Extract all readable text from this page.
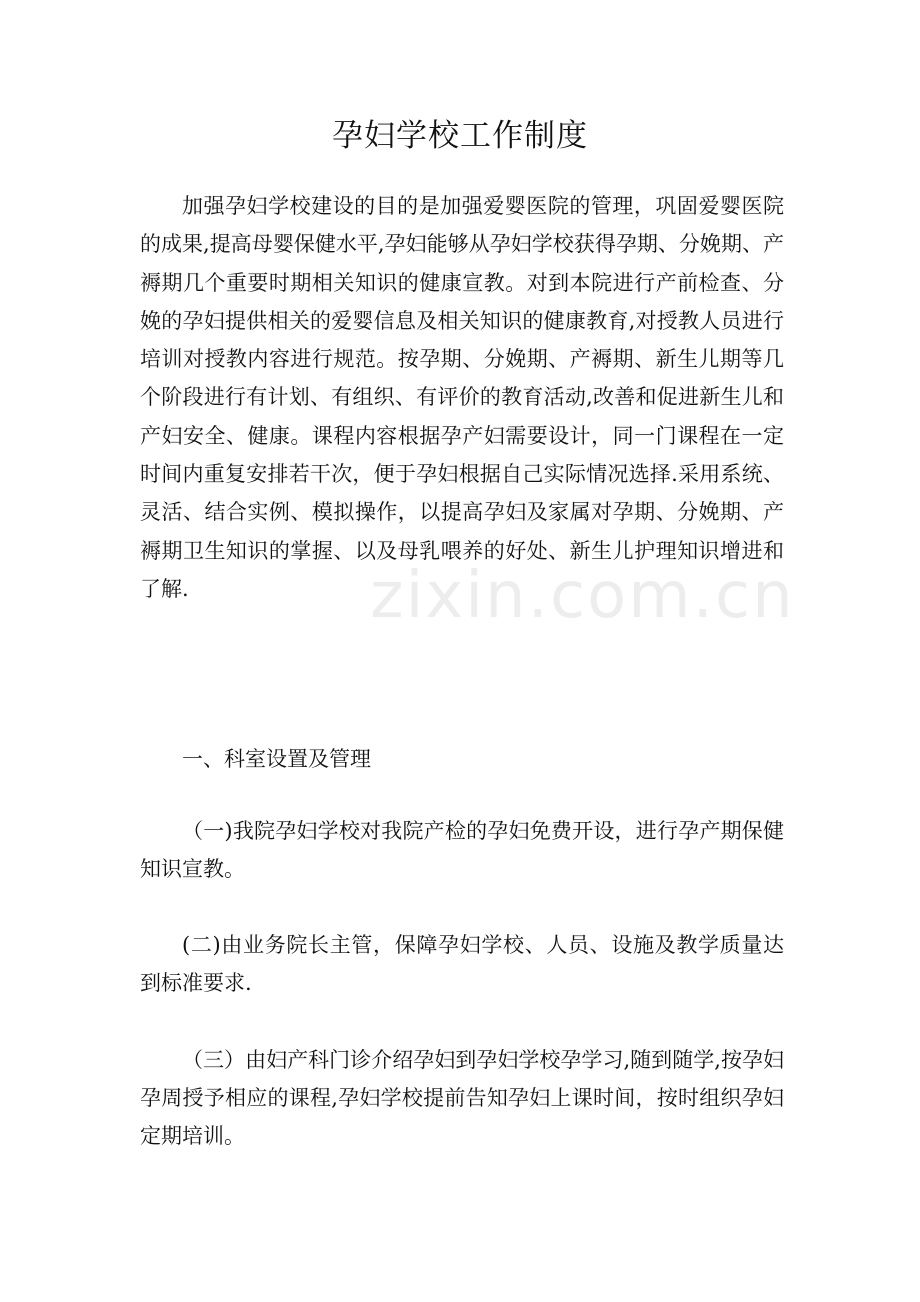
孕妇学校工作制度

加强孕妇学校建设的目的是加强爱婴医院的管理，巩固爱婴医院的成果,提高母婴保健水平,孕妇能够从孕妇学校获得孕期、分娩期、产褥期几个重要时期相关知识的健康宣教。对到本院进行产前检查、分娩的孕妇提供相关的爱婴信息及相关知识的健康教育,对授教人员进行培训对授教内容进行规范。按孕期、分娩期、产褥期、新生儿期等几个阶段进行有计划、有组织、有评价的教育活动,改善和促进新生儿和产妇安全、健康。课程内容根据孕产妇需要设计，同一门课程在一定时间内重复安排若干次，便于孕妇根据自己实际情况选择.采用系统、灵活、结合实例、模拟操作，以提高孕妇及家属对孕期、分娩期、产褥期卫生知识的掌握、以及母乳喂养的好处、新生儿护理知识增进和了解.

一、科室设置及管理

（一)我院孕妇学校对我院产检的孕妇免费开设，进行孕产期保健知识宣教。

(二)由业务院长主管，保障孕妇学校、人员、设施及教学质量达到标准要求.

（三）由妇产科门诊介绍孕妇到孕妇学校孕学习,随到随学,按孕妇孕周授予相应的课程,孕妇学校提前告知孕妇上课时间，按时组织孕妇定期培训。

zixin.com.cn
